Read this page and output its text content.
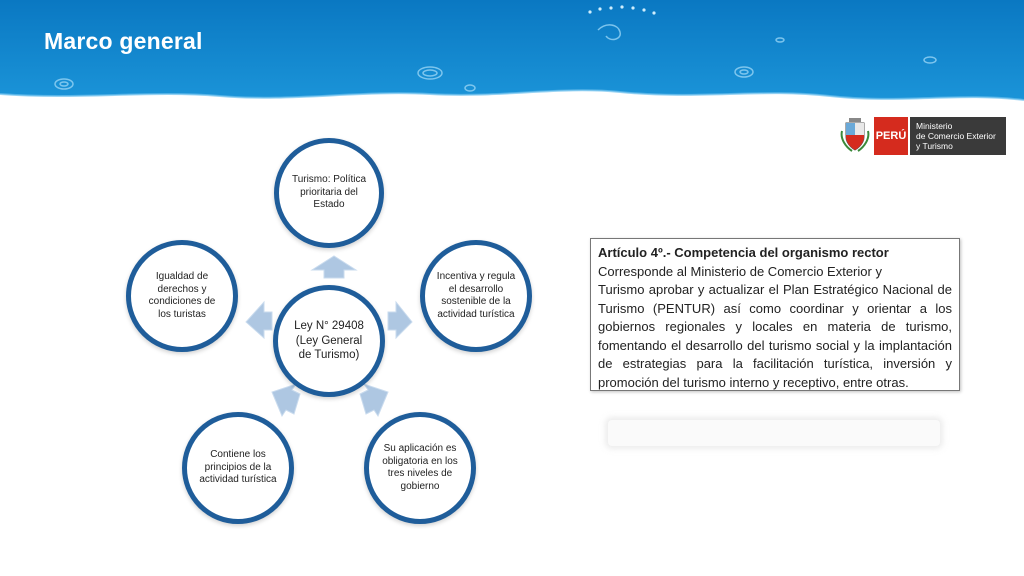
Marco general
PERÚ
Ministerio
de Comercio Exterior
y Turismo
Ley N° 29408 (Ley General de Turismo)
Turismo: Política prioritaria del Estado
Incentiva y regula el desarrollo sostenible de la actividad turística
Su aplicación es obligatoria en los tres niveles de gobierno
Contiene los principios de la actividad turística
Igualdad de derechos y condiciones de los turistas
Artículo 4º.- Competencia del organismo rector
Corresponde al Ministerio de Comercio Exterior y
Turismo aprobar y actualizar el Plan Estratégico Nacional de Turismo (PENTUR) así como coordinar y orientar a los gobiernos regionales y locales en materia de turismo, fomentando el desarrollo del turismo social y la implantación de estrategias para la facilitación turística, inversión y promoción del turismo interno y receptivo, entre otras.
